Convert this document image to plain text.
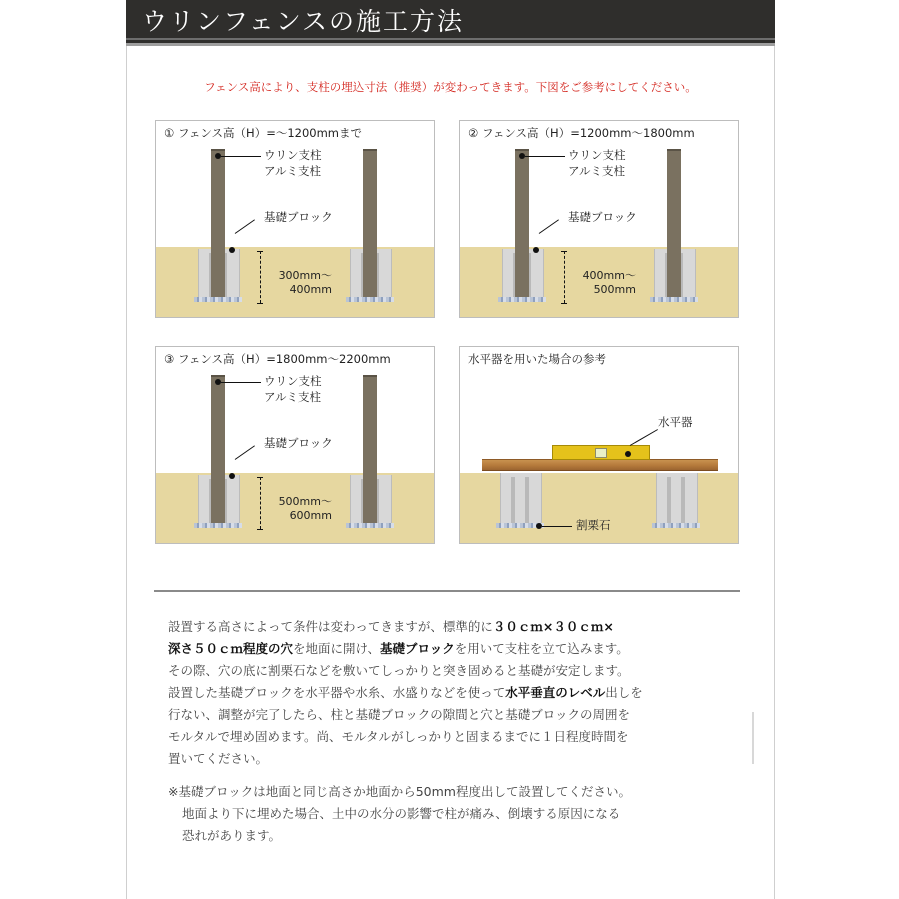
ウリンフェンスの施工方法
フェンス高により、支柱の埋込寸法（推奨）が変わってきます。下図をご参考にしてください。
① フェンス高（H）=～1200mmまで
ウリン支柱
アルミ支柱
基礎ブロック
300mm～
400mm
② フェンス高（H）=1200mm～1800mm
ウリン支柱
アルミ支柱
基礎ブロック
400mm～
500mm
③ フェンス高（H）=1800mm～2200mm
ウリン支柱
アルミ支柱
基礎ブロック
500mm～
600mm
水平器を用いた場合の参考
水平器
割栗石

設置する高さによって条件は変わってきますが、標準的に３０ｃｍ×３０ｃｍ×

深さ５０ｃｍ程度の穴を地面に開け、基礎ブロックを用いて支柱を立て込みます。

その際、穴の底に割栗石などを敷いてしっかりと突き固めると基礎が安定します。

設置した基礎ブロックを水平器や水糸、水盛りなどを使って水平垂直のレベル出しを

行ない、調整が完了したら、柱と基礎ブロックの隙間と穴と基礎ブロックの周囲を

モルタルで埋め固めます。尚、モルタルがしっかりと固まるまでに１日程度時間を

置いてください。

※基礎ブロックは地面と同じ高さか地面から50mm程度出して設置してください。

地面より下に埋めた場合、土中の水分の影響で柱が痛み、倒壊する原因になる

恐れがあります。
